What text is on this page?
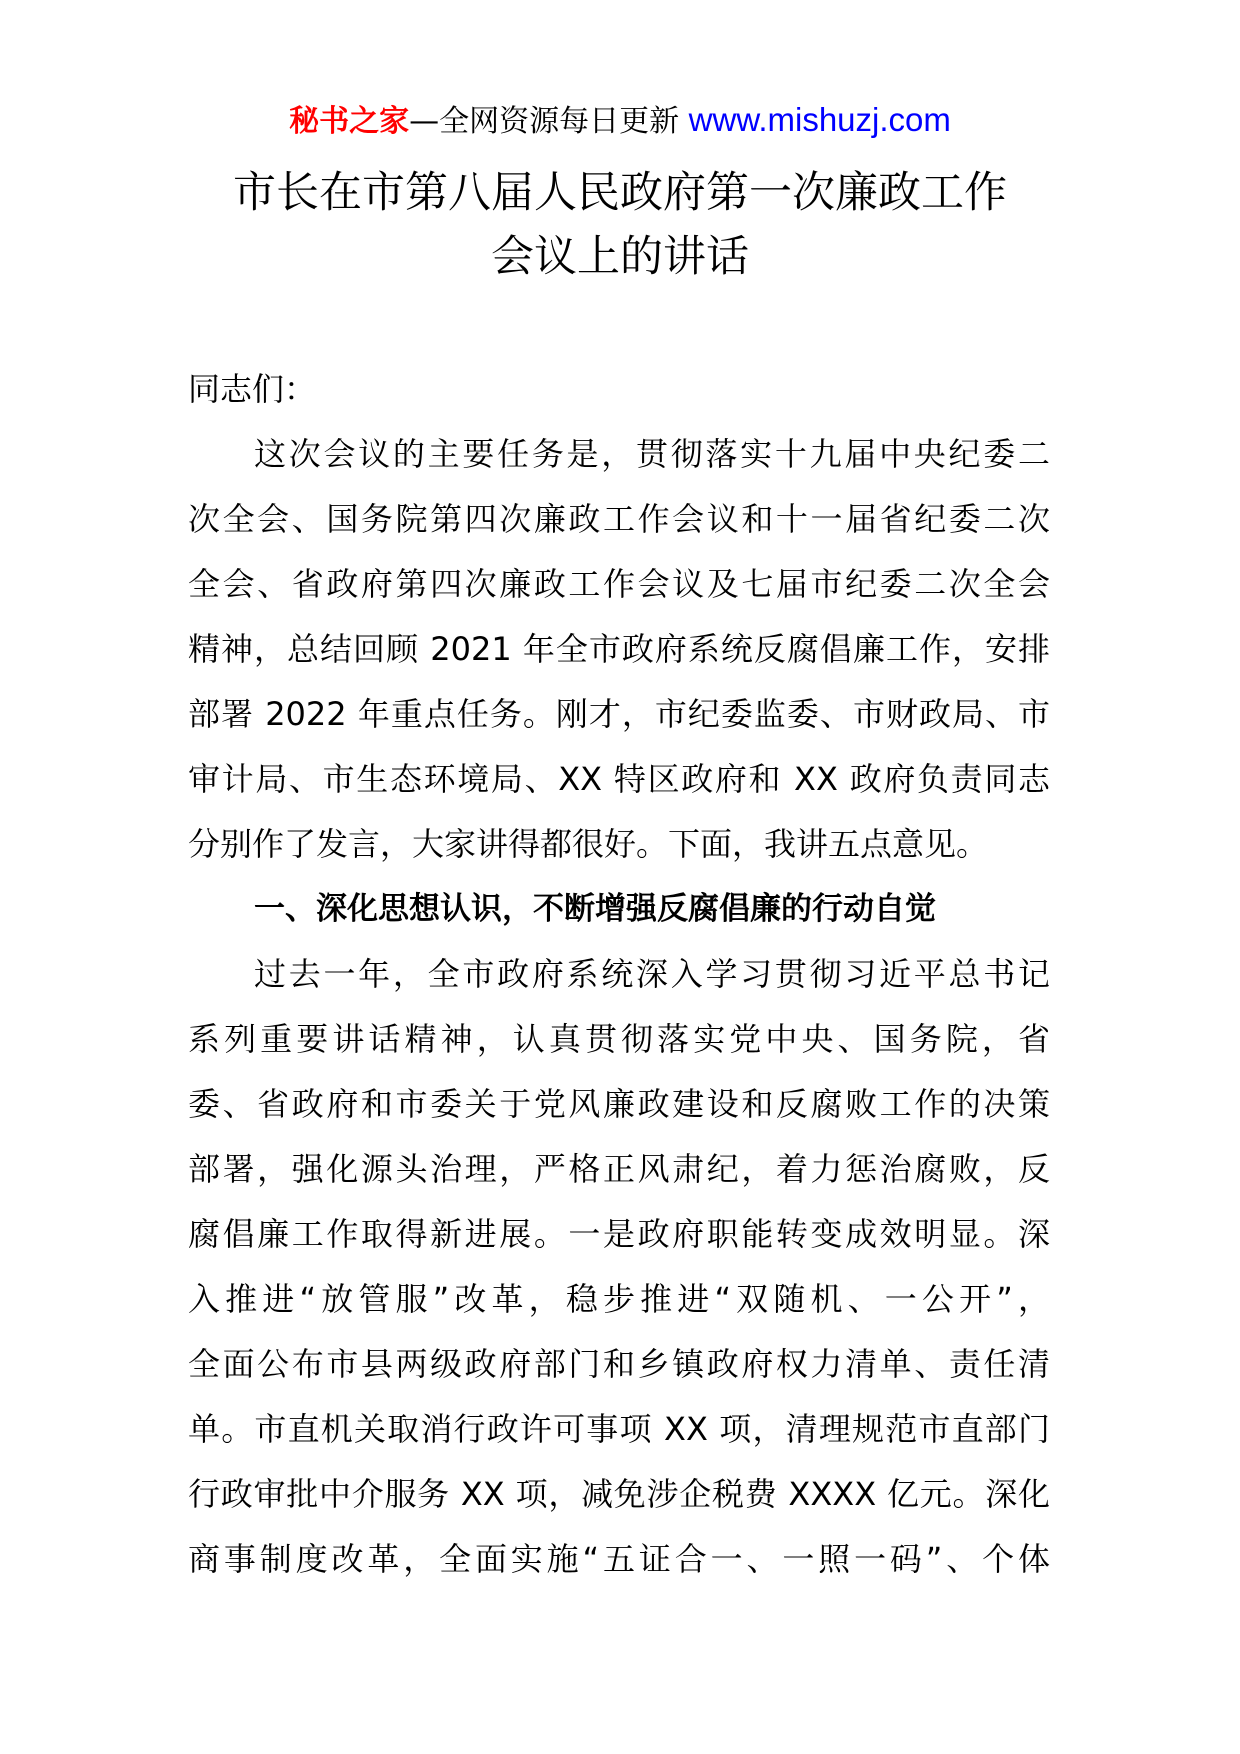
秘书之家—全网资源每日更新 www.mishuzj.com
市长在市第八届人民政府第一次廉政工作
会议上的讲话
同志们：
这次会议的主要任务是，贯彻落实十九届中央纪委二
次全会、国务院第四次廉政工作会议和十一届省纪委二次
全会、省政府第四次廉政工作会议及七届市纪委二次全会
精神，总结回顾 2021 年全市政府系统反腐倡廉工作，安排
部署 2022 年重点任务。刚才，市纪委监委、市财政局、市
审计局、市生态环境局、XX 特区政府和 XX 政府负责同志
分别作了发言，大家讲得都很好。下面，我讲五点意见。
一、深化思想认识，不断增强反腐倡廉的行动自觉
过去一年，全市政府系统深入学习贯彻习近平总书记
系列重要讲话精神，认真贯彻落实党中央、国务院，省
委、省政府和市委关于党风廉政建设和反腐败工作的决策
部署，强化源头治理，严格正风肃纪，着力惩治腐败，反
腐倡廉工作取得新进展。一是政府职能转变成效明显。深
入推进“放管服”改革，稳步推进“双随机、一公开”，
全面公布市县两级政府部门和乡镇政府权力清单、责任清
单。市直机关取消行政许可事项 XX 项，清理规范市直部门
行政审批中介服务 XX 项，减免涉企税费 XXXX 亿元。深化
商事制度改革，全面实施“五证合一、一照一码”、个体
